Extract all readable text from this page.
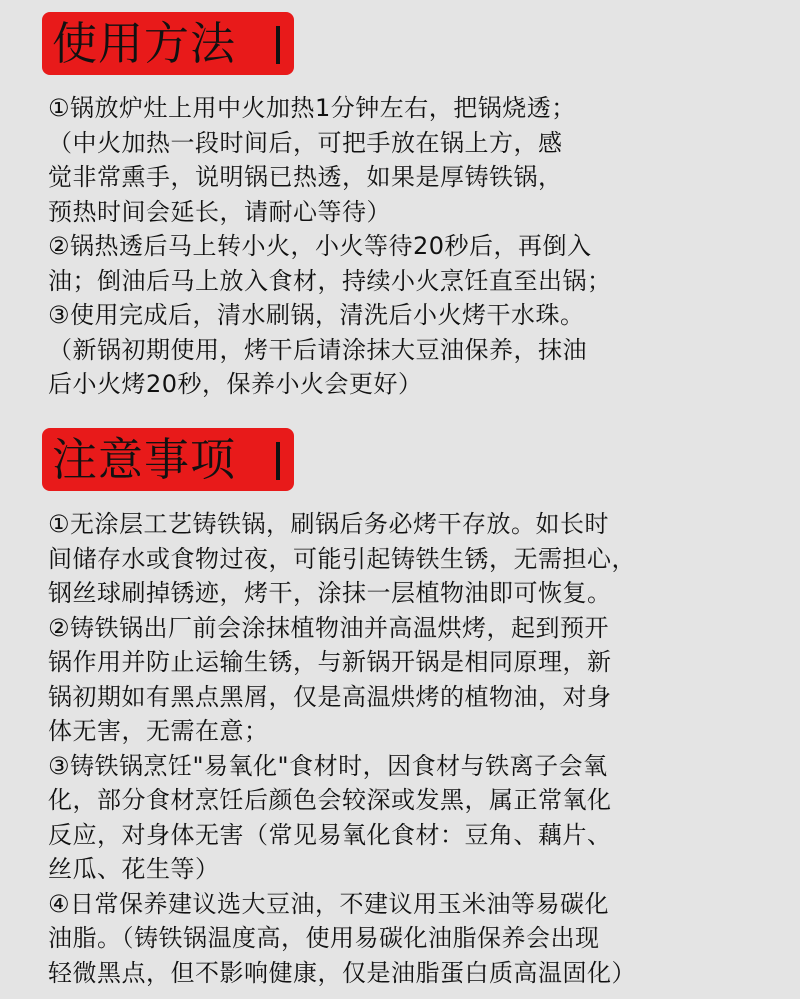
使用方法
①锅放炉灶上用中火加热1分钟左右，把锅烧透；
（中火加热一段时间后，可把手放在锅上方，感
觉非常熏手，说明锅已热透，如果是厚铸铁锅，
预热时间会延长，请耐心等待）
②锅热透后马上转小火，小火等待20秒后，再倒入
油；倒油后马上放入食材，持续小火烹饪直至出锅；
③使用完成后，清水刷锅，清洗后小火烤干水珠。
（新锅初期使用，烤干后请涂抹大豆油保养，抹油
后小火烤20秒，保养小火会更好）
注意事项
①无涂层工艺铸铁锅，刷锅后务必烤干存放。如长时
间储存水或食物过夜，可能引起铸铁生锈，无需担心，
钢丝球刷掉锈迹，烤干，涂抹一层植物油即可恢复。
②铸铁锅出厂前会涂抹植物油并高温烘烤，起到预开
锅作用并防止运输生锈，与新锅开锅是相同原理，新
锅初期如有黑点黑屑，仅是高温烘烤的植物油，对身
体无害，无需在意；
③铸铁锅烹饪"易氧化"食材时，因食材与铁离子会氧
化，部分食材烹饪后颜色会较深或发黑，属正常氧化
反应，对身体无害（常见易氧化食材：豆角、藕片、
丝瓜、花生等）
④日常保养建议选大豆油，不建议用玉米油等易碳化
油脂。（铸铁锅温度高，使用易碳化油脂保养会出现
轻微黑点，但不影响健康，仅是油脂蛋白质高温固化）
